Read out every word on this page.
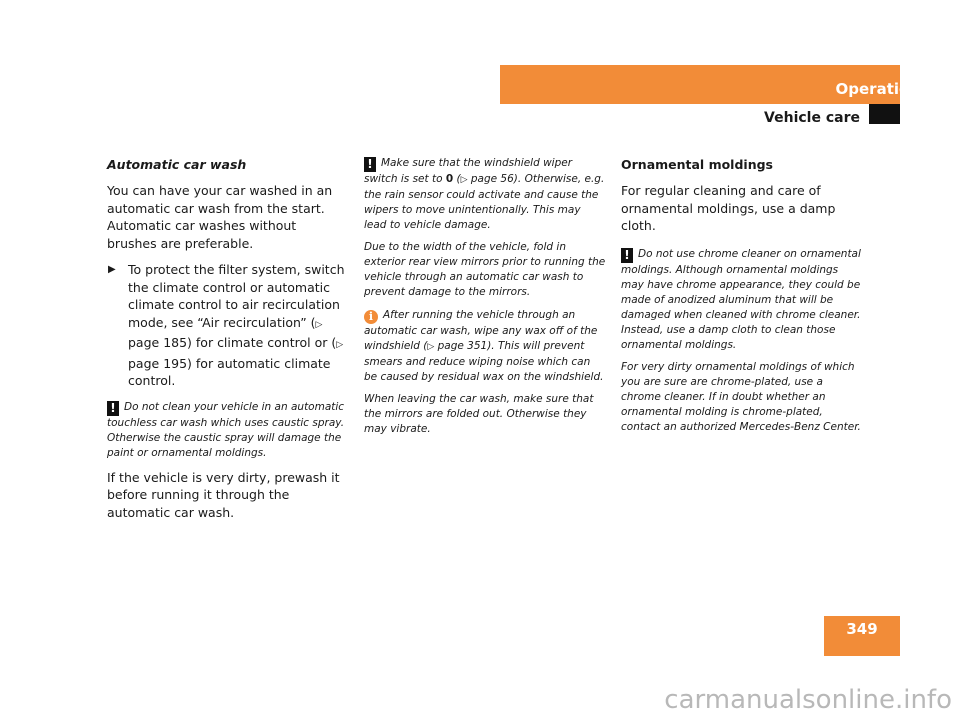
Operation
Vehicle care
Automatic car wash

You can have your car washed in an automatic car wash from the start. Automatic car washes without brushes are preferable.

▶ To protect the filter system, switch the climate control or automatic climate control to air recirculation mode, see “Air recirculation” (▷ page 185) for climate control or (▷ page 195) for automatic climate control.
! Do not clean your vehicle in an automatic touchless car wash which uses caustic spray. Otherwise the caustic spray will damage the paint or ornamental moldings.

If the vehicle is very dirty, prewash it before running it through the automatic car wash.

! Make sure that the windshield wiper switch is set to 0 (▷ page 56). Otherwise, e.g. the rain sensor could activate and cause the wipers to move unintentionally. This may lead to vehicle damage.

Due to the width of the vehicle, fold in exterior rear view mirrors prior to running the vehicle through an automatic car wash to prevent damage to the mirrors.

i After running the vehicle through an automatic car wash, wipe any wax off of the windshield (▷ page 351). This will prevent smears and reduce wiping noise which can be caused by residual wax on the windshield.

When leaving the car wash, make sure that the mirrors are folded out. Otherwise they may vibrate.

Ornamental moldings

For regular cleaning and care of ornamental moldings, use a damp cloth.

! Do not use chrome cleaner on ornamental moldings. Although ornamental moldings may have chrome appearance, they could be made of anodized aluminum that will be damaged when cleaned with chrome cleaner. Instead, use a damp cloth to clean those ornamental moldings.

For very dirty ornamental moldings of which you are sure are chrome-plated, use a chrome cleaner. If in doubt whether an ornamental molding is chrome-plated, contact an authorized Mercedes-Benz Center.

349
carmanualsonline.info
